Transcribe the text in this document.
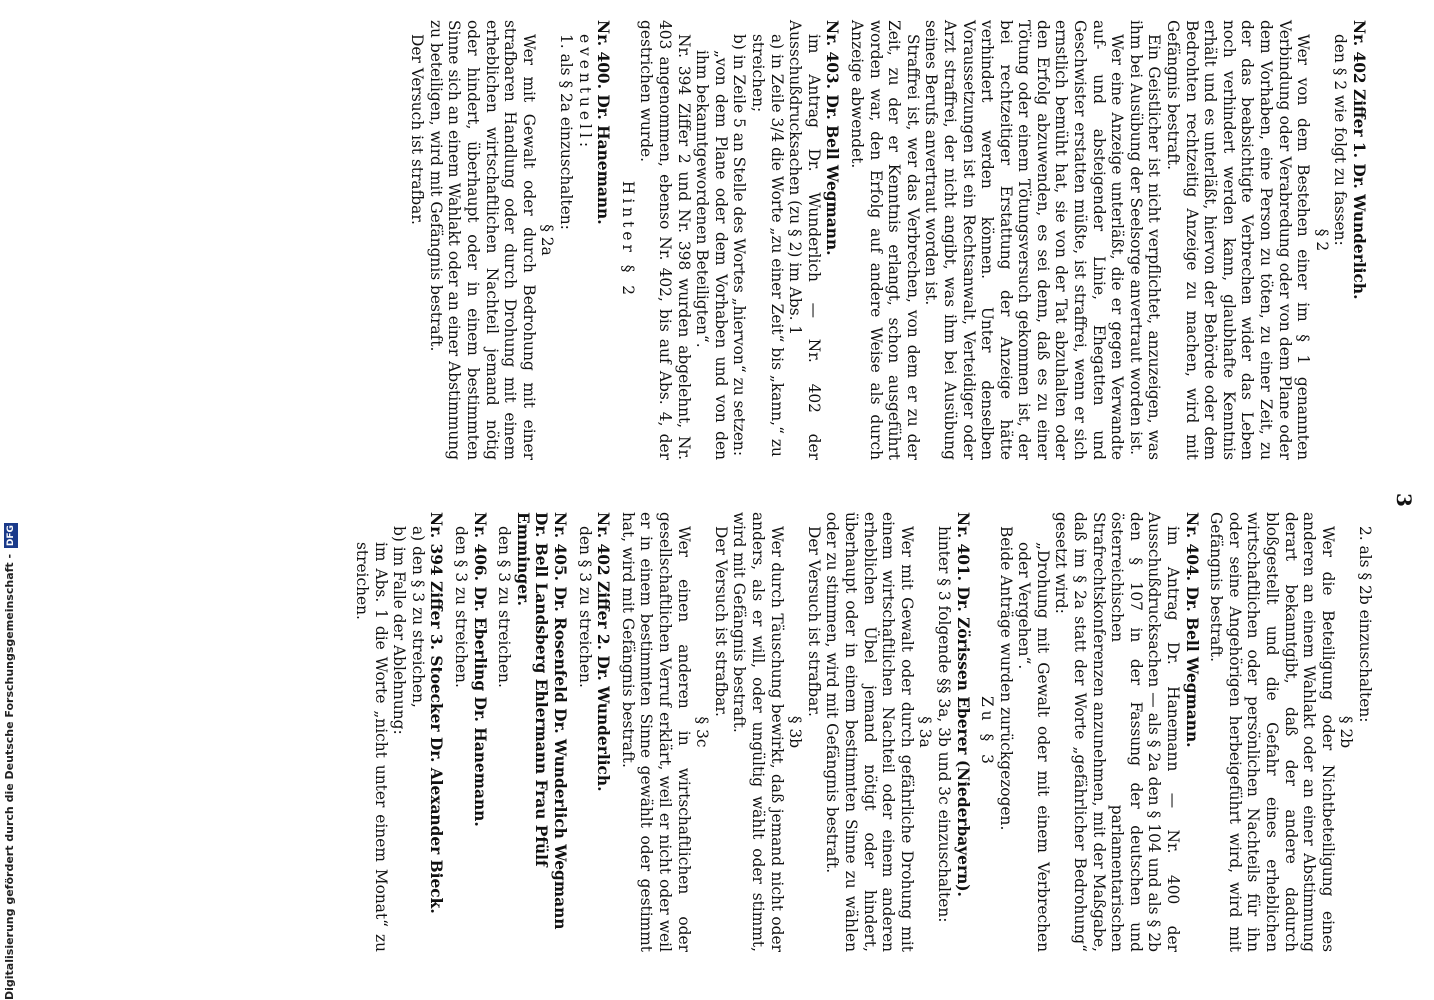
3

Nr. 402 Ziffer 1. Dr. Wunderlich.

den § 2 wie folgt zu fassen:

§ 2

Wer von dem Bestehen einer im § 1 genannten Verbindung oder Verabredung oder von dem Plane oder dem Vorhaben, eine Person zu töten, zu einer Zeit, zu der das beabsichtigte Verbrechen wider das Leben noch verhindert werden kann, glaubhafte Kenntnis erhält und es unterläßt, hiervon der Behörde oder dem Bedrohten rechtzeitig Anzeige zu machen, wird mit Gefängnis bestraft.

Ein Geistlicher ist nicht verpflichtet, anzuzeigen, was ihm bei Ausübung der Seelsorge anvertraut worden ist.

Wer eine Anzeige unterläßt, die er gegen Verwandte auf- und absteigender Linie, Ehegatten und Geschwister erstatten müßte, ist straffrei, wenn er sich ernstlich bemüht hat, sie von der Tat abzuhalten oder den Erfolg abzuwenden, es sei denn, daß es zu einer Tötung oder einem Tötungsversuch gekommen ist, der bei rechtzeitiger Erstattung der Anzeige hätte verhindert werden können. Unter denselben Voraussetzungen ist ein Rechtsanwalt, Verteidiger oder Arzt straffrei, der nicht angibt, was ihm bei Ausübung seines Berufs anvertraut worden ist.

Straffrei ist, wer das Verbrechen, von dem er zu der Zeit, zu der er Kenntnis erlangt, schon ausgeführt worden war, den Erfolg auf andere Weise als durch Anzeige abwendet.

Nr. 403. Dr. Bell Wegmann.

im Antrag Dr. Wunderlich — Nr. 402 der Ausschußdrucksachen (zu § 2) im Abs. 1

a) in Zeile 3/4 die Worte „zu einer Zeit“ bis „kann,“ zu streichen;

b) in Zeile 5 an Stelle des Wortes „hiervon“ zu setzen:

„von dem Plane oder dem Vorhaben und von den ihm bekanntgewordenen Beteiligten“.

Nr. 394 Ziffer 2 und Nr. 398 wurden abgelehnt, Nr. 403 angenommen, ebenso Nr. 402, bis auf Abs. 4, der gestrichen wurde.

Hinter § 2

Nr. 400. Dr. Hanemann.

eventuell:

1. als § 2a einzuschalten:

§ 2a

Wer mit Gewalt oder durch Bedrohung mit einer strafbaren Handlung oder durch Drohung mit einem erheblichen wirtschaftlichen Nachteil jemand nötig oder hindert, überhaupt oder in einem bestimmten Sinne sich an einem Wahlakt oder an einer Abstimmung zu beteiligen, wird mit Gefängnis bestraft.

Der Versuch ist strafbar.

2. als § 2b einzuschalten:

§ 2b

Wer die Beteiligung oder Nichtbeteiligung eines anderen an einem Wahlakt oder an einer Abstimmung derart bekanntgibt, daß der andere dadurch bloßgestellt und die Gefahr eines erheblichen wirtschaftlichen oder persönlichen Nachteils für ihn oder seine Angehörigen herbeigeführt wird, wird mit Gefängnis bestraft.

Nr. 404. Dr. Bell Wegmann.

im Antrag Dr. Hanemann — Nr. 400 der Ausschußdrucksachen — als § 2a den § 104 und als § 2b den § 107 in der Fassung der deutschen und österreichischen parlamentarischen Strafrechtskonferenzen anzunehmen, mit der Maßgabe, daß im § 2a statt der Worte „gefährlicher Bedrohung“ gesetzt wird:

„Drohung mit Gewalt oder mit einem Verbrechen oder Vergehen“.

Beide Anträge wurden zurückgezogen.

Zu § 3

Nr. 401. Dr. Zörissen Eberer (Niederbayern).

hinter § 3 folgende §§ 3a, 3b und 3c einzuschalten:

§ 3a

Wer mit Gewalt oder durch gefährliche Drohung mit einem wirtschaftlichen Nachteil oder einem anderen erheblichen Übel jemand nötigt oder hindert, überhaupt oder in einem bestimmten Sinne zu wählen oder zu stimmen, wird mit Gefängnis bestraft.

Der Versuch ist strafbar.

§ 3b

Wer durch Täuschung bewirkt, daß jemand nicht oder anders, als er will, oder ungültig wählt oder stimmt, wird mit Gefängnis bestraft.

Der Versuch ist strafbar.

§ 3c

Wer einen anderen in wirtschaftlichen oder gesellschaftlichen Verruf erklärt, weil er nicht oder weil er in einem bestimmten Sinne gewählt oder gestimmt hat, wird mit Gefängnis bestraft.

Nr. 402 Ziffer 2. Dr. Wunderlich.

den § 3 zu streichen.

Nr. 405. Dr. Rosenfeld Dr. Wunderlich Wegmann Dr. Bell Landsberg Ehlermann Frau Pfülf Emminger.

den § 3 zu streichen.

Nr. 406. Dr. Eberling Dr. Hanemann.

den § 3 zu streichen.

Nr. 394 Ziffer 3. Stoecker Dr. Alexander Bieck.

a) den § 3 zu streichen,

b) im Falle der Ablehnung:

im Abs. 1 die Worte „nicht unter einem Monat“ zu streichen.

Digitalisierung gefördert durch die Deutsche Forschungsgemeinschaft - DFG
